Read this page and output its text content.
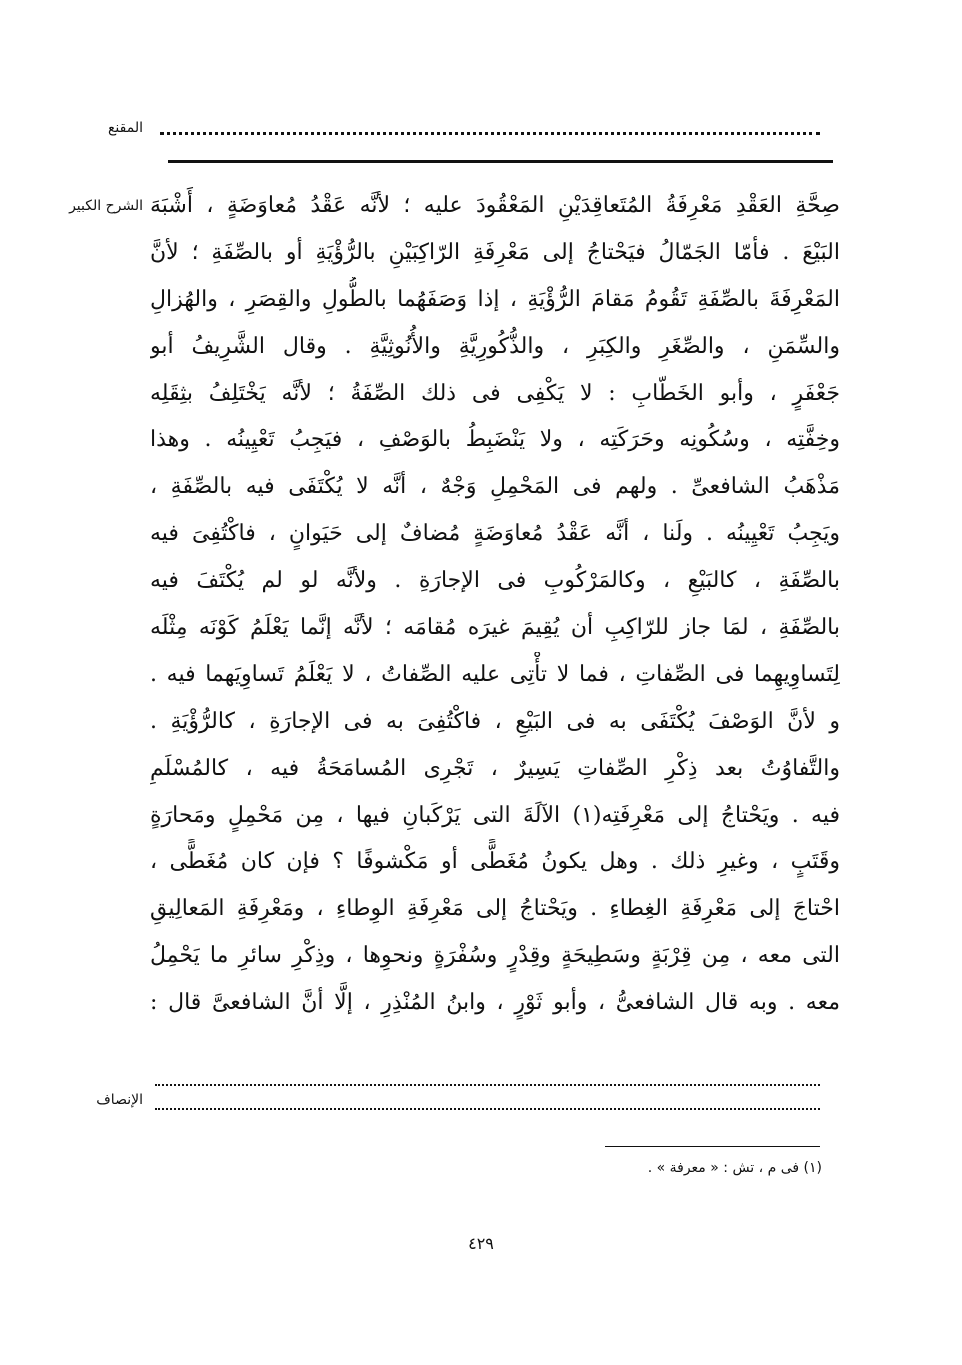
المقنع
الشرح الكبير صِحَّةِ العَقْدِ مَعْرِفَةُ المُتَعاقِدَيْنِ المَعْقُودَ عليه ؛ لأنَّه عَقْدُ مُعاوَضَةٍ ، أَشْبَهَ
البَيْعَ . فأمّا الجَمّالُ فيَحْتاجُ إلى مَعْرِفَةِ الرّاكِبَيْنِ بالرُّؤْيَةِ أو بالصِّفَةِ ؛ لأنَّ
المَعْرِفَةَ بالصِّفَةِ تَقُومُ مَقامَ الرُّؤْيَةِ ، إذا وَصَفَهُما بالطُّولِ والقِصَرِ ، والهُزالِ
والسِّمَنِ ، والصِّغَرِ والكِبَرِ ، والذُّكُورِيَّةِ والأُنُوثِيَّةِ . وقال الشَّرِيفُ أبو
جَعْفَرٍ ، وأبو الخَطّابِ : لا يَكْفِى فى ذلك الصِّفَةُ ؛ لأنَّه يَخْتَلِفُ بثِقَلِه
وخِفَّتِه ، وسُكُونِه وحَرَكَتِه ، ولا يَنْضَبِطُ بالوَصْفِ ، فيَجِبُ تَعْيِينُه . وهذا
مَذْهَبُ الشافعىِّ . ولهم فى المَحْمِلِ وَجْهٌ ، أنَّه لا يُكْتَفَى فيه بالصِّفَةِ ،
ويَجِبُ تَعْيِينُه . ولَنا ، أنَّه عَقْدُ مُعاوَضَةٍ مُضافٌ إلى حَيَوانٍ ، فاكْتُفِىَ فيه
بالصِّفَةِ ، كالبَيْعِ ، وكالمَرْكُوبِ فى الإجارَةِ . ولأنَّه لو لم يُكْتَفَ فيه
بالصِّفَةِ ، لمَا جاز للرّاكِبِ أن يُقِيمَ غيرَه مُقامَه ؛ لأنَّه إنَّما يَعْلَمُ كَوْنَه مِثْلَه
لِتَساوِيهِما فى الصِّفاتِ ، فما لا تأْتِى عليه الصِّفاتُ ، لا يَعْلَمُ تَساوِيَهما فيه .
و لأنَّ الوَصْفَ يُكْتَفَى به فى البَيْعِ ، فاكْتُفِىَ به فى الإجارَةِ ، كالرُّؤْيَةِ .
والتَّفاوُتُ بعد ذِكْرِ الصِّفاتِ يَسِيرٌ ، تَجْرِى المُسامَحَةُ فيه ، كالمُسْلَمِ
فيه . ويَحْتاجُ إلى مَعْرِفَتِه(١) الآلَةَ التى يَرْكَبانِ فيها ، مِن مَحْمِلٍ ومَحارَةٍ
وقَتَبٍ ، وغيرِ ذلك . وهل يكونُ مُغَطًّى أو مَكْشوفًا ؟ فإن كان مُغَطًّى ،
احْتاجَ إلى مَعْرِفَةِ الغِطاءِ . ويَحْتاجُ إلى مَعْرِفَةِ الوِطاءِ ، ومَعْرِفَةِ المَعالِيقِ
التى معه ، مِن قِرْبَةٍ وسَطِيحَةٍ وقِدْرٍ وسُفْرَةٍ ونحوِها ، وذِكْرِ سائرِ ما يَحْمِلُ
معه . وبه قال الشافعىُّ ، وأبو ثَوْرٍ ، وابنُ المُنْذِرِ ، إلَّا أنَّ الشافعىَّ قال :
الإنصاف
(١) فى م ، تش : « معرفة » .
٤٢٩
